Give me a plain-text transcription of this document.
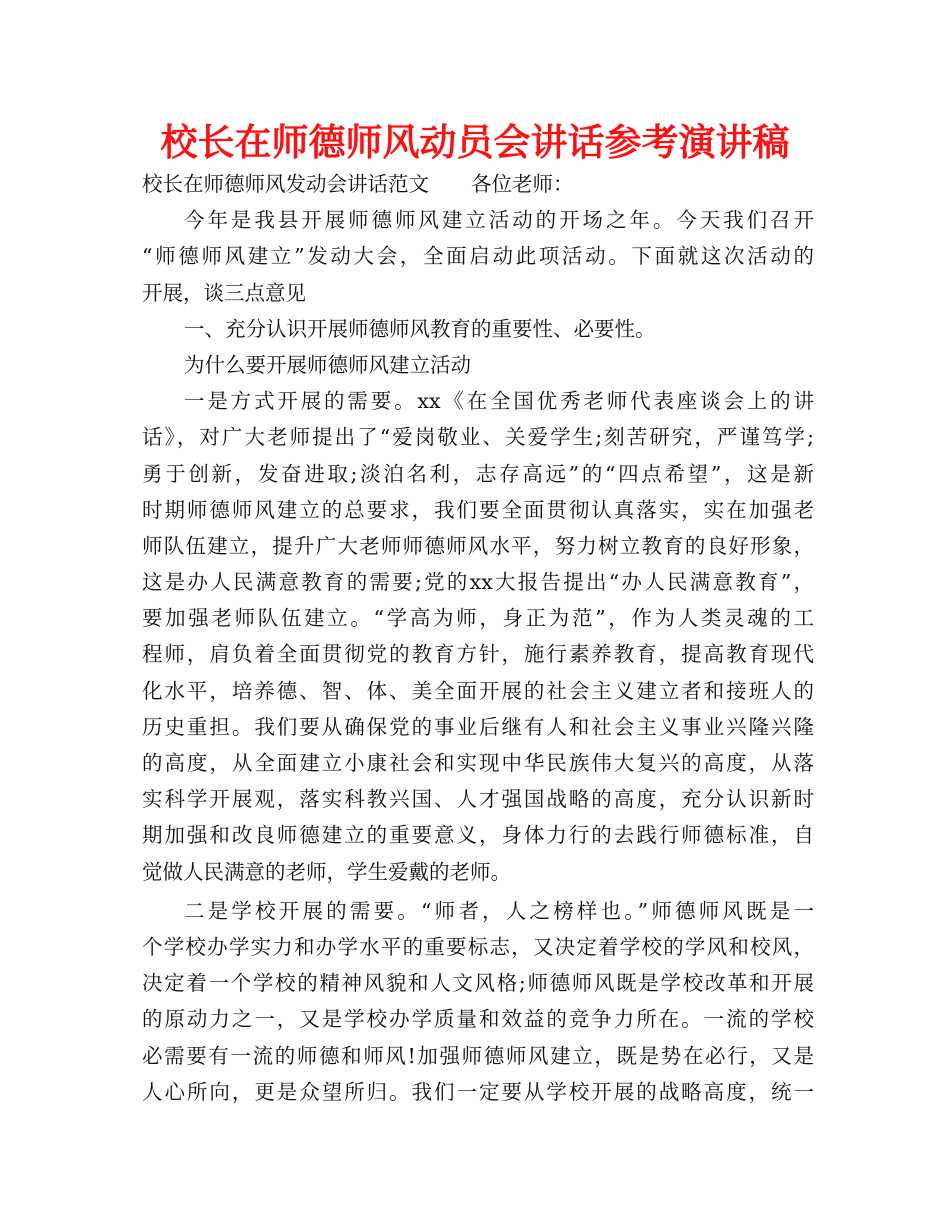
校长在师德师风动员会讲话参考演讲稿
校长在师德师风发动会讲话范文 各位老师：
今年是我县开展师德师风建立活动的开场之年。今天我们召开
“师德师风建立”发动大会，全面启动此项活动。下面就这次活动的
开展，谈三点意见
一、充分认识开展师德师风教育的重要性、必要性。
为什么要开展师德师风建立活动
一是方式开展的需要。xx《在全国优秀老师代表座谈会上的讲
话》，对广大老师提出了“爱岗敬业、关爱学生;刻苦研究，严谨笃学;
勇于创新，发奋进取;淡泊名利，志存高远”的“四点希望”，这是新
时期师德师风建立的总要求，我们要全面贯彻认真落实，实在加强老
师队伍建立，提升广大老师师德师风水平，努力树立教育的良好形象，
这是办人民满意教育的需要;党的xx大报告提出“办人民满意教育”，
要加强老师队伍建立。“学高为师，身正为范”，作为人类灵魂的工
程师，肩负着全面贯彻党的教育方针，施行素养教育，提高教育现代
化水平，培养德、智、体、美全面开展的社会主义建立者和接班人的
历史重担。我们要从确保党的事业后继有人和社会主义事业兴隆兴隆
的高度，从全面建立小康社会和实现中华民族伟大复兴的高度，从落
实科学开展观，落实科教兴国、人才强国战略的高度，充分认识新时
期加强和改良师德建立的重要意义，身体力行的去践行师德标准，自
觉做人民满意的老师，学生爱戴的老师。
二是学校开展的需要。“师者，人之榜样也。”师德师风既是一
个学校办学实力和办学水平的重要标志，又决定着学校的学风和校风，
决定着一个学校的精神风貌和人文风格;师德师风既是学校改革和开展
的原动力之一，又是学校办学质量和效益的竞争力所在。一流的学校
必需要有一流的师德和师风!加强师德师风建立，既是势在必行，又是
人心所向，更是众望所归。我们一定要从学校开展的战略高度，统一
